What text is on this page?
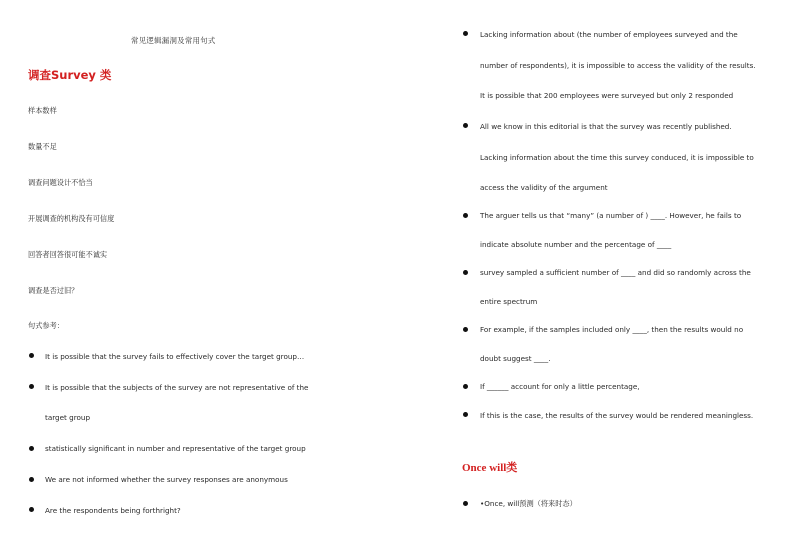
常见逻辑漏洞及常用句式
调查Survey 类
样本数样
数量不足
调查问题设计不恰当
开展调查的机构没有可信度
回答者回答很可能不诚实
调查是否过旧？
句式参考：
It is possible that the survey fails to effectively cover the target group…
It is possible that the subjects of the survey are not representative of the
target group
statistically significant in number and representative of the target group
We are not informed whether the survey responses are anonymous
Are the respondents being forthright?
Lacking information about (the number of employees surveyed and the
number of respondents), it is impossible to access the validity of the results.
It is possible that 200 employees were surveyed but only 2 responded
All we know in this editorial is that the survey was recently published.
Lacking information about the time this survey conduced, it is impossible to
access the validity of the argument
The arguer tells us that “many” (a number of ) ____. However, he fails to
indicate absolute number and the percentage of ____
survey sampled a sufficient number of ____ and did so randomly across the
entire spectrum
For example, if the samples included only ____, then the results would no
doubt suggest ____.
If ______ account for only a little percentage,
If this is the case, the results of the survey would be rendered meaningless.
Once will类
•Once, will预测（将来时态）
